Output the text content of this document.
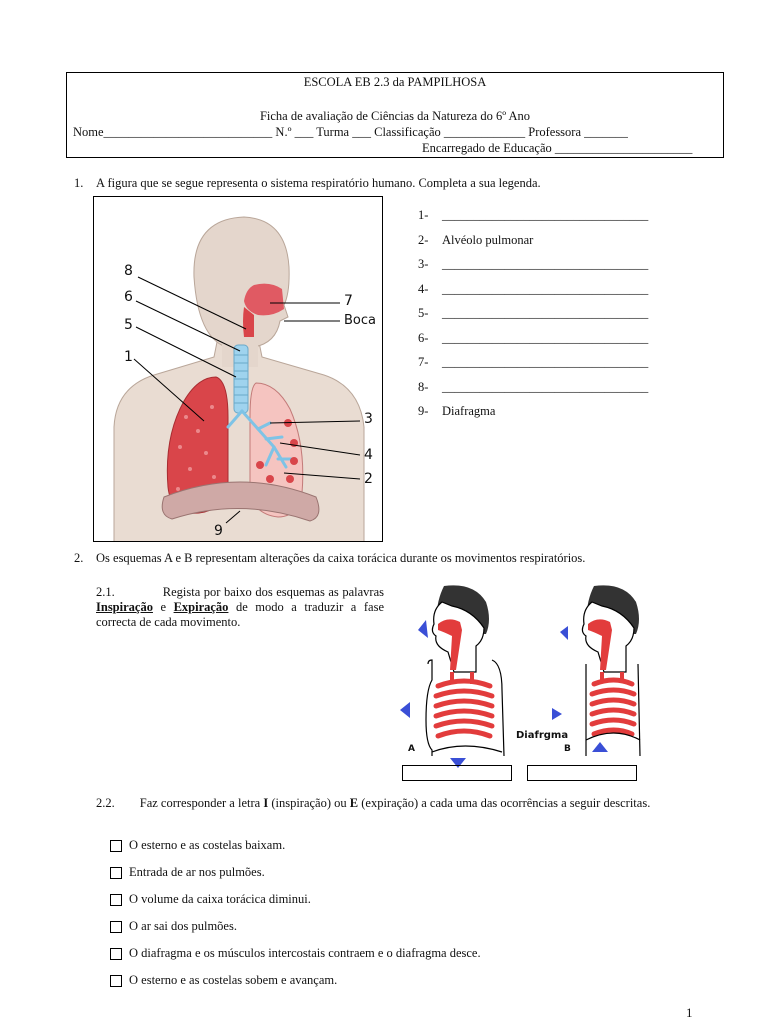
ESCOLA EB 2.3 da PAMPILHOSA
Ficha de avaliação de Ciências da Natureza do 6º Ano
Nome___________________________ N.º ___ Turma ___ Classificação _____________ Professora _______
Encarregado de Educação ______________________
1. A figura que se segue representa o sistema respiratório humano. Completa a sua legenda.
8
6
5
1
7
Boca
3
4
2
9
1-	_________________________________
2-	Alvéolo pulmonar
3-	_________________________________
4-	_________________________________
5-	_________________________________
6-	_________________________________
7-	_________________________________
8-	_________________________________
9-	Diafragma
2. Os esquemas A e B representam alterações da caixa torácica durante os movimentos respiratórios.
2.1.	Regista por baixo dos esquemas as palavras Inspiração e Expiração de modo a traduzir a fase correcta de cada movimento.
A	B
Diafrgma
2.2. Faz corresponder a letra I (inspiração) ou E (expiração) a cada uma das ocorrências a seguir descritas.
O esterno e as costelas baixam.
Entrada de ar nos pulmões.
O volume da caixa torácica diminui.
O ar sai dos pulmões.
O diafragma e os músculos intercostais contraem e o diafragma desce.
O esterno e as costelas sobem e avançam.
1
